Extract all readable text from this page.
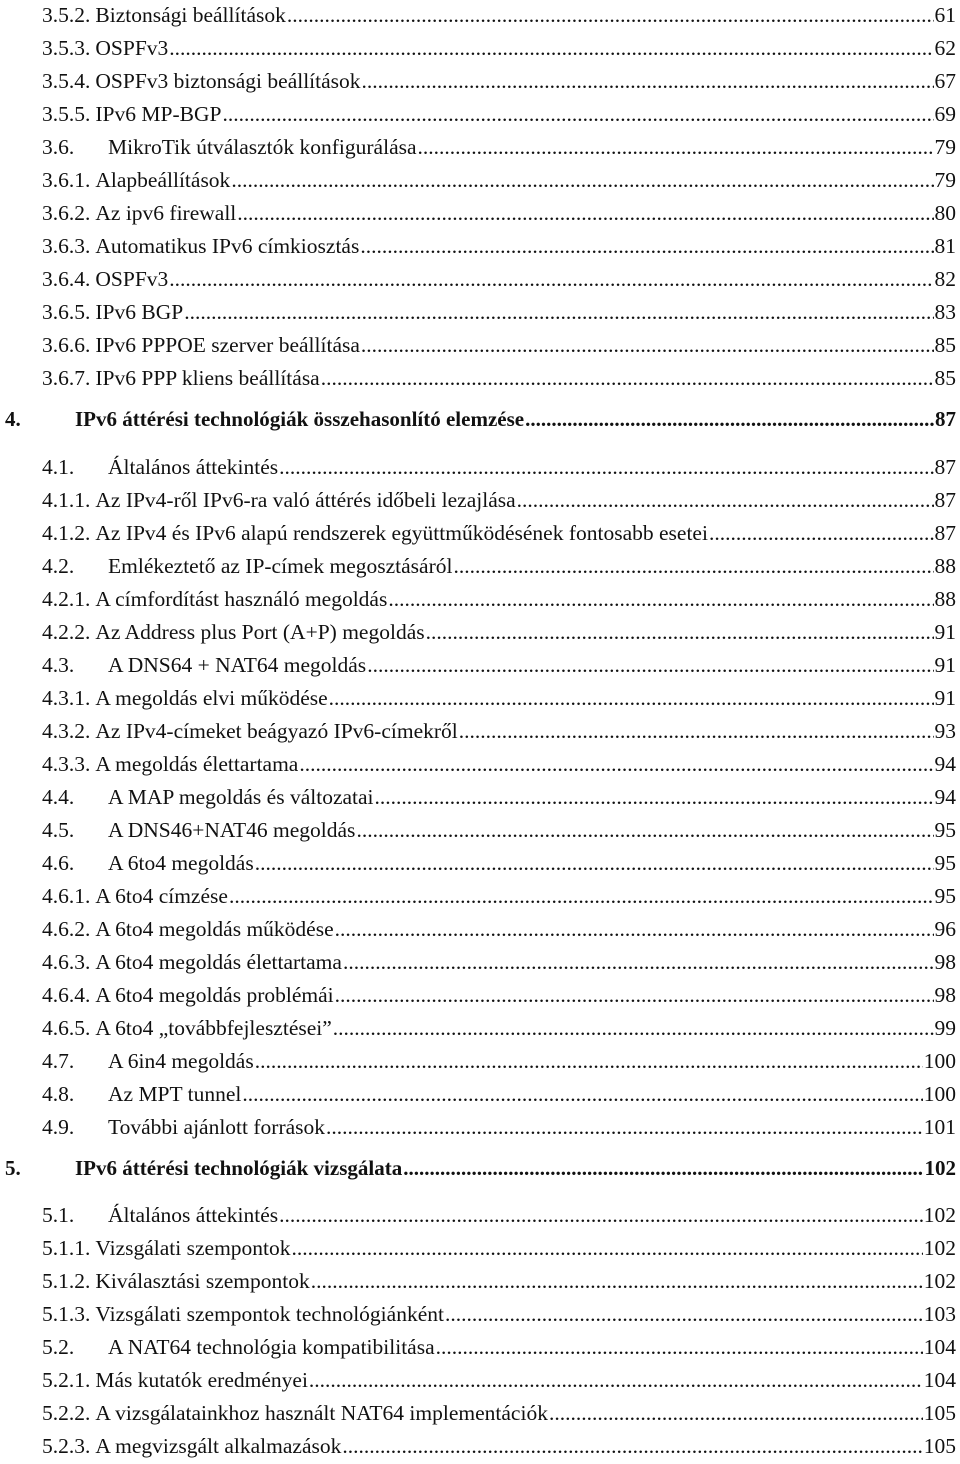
3.5.2. Biztonsági beállítások .....	61
3.5.3. OSPFv3 .....	62
3.5.4. OSPFv3 biztonsági beállítások .....	67
3.5.5. IPv6 MP-BGP .....	69
3.6.	MikroTik útválasztók konfigurálása .....	79
3.6.1. Alapbeállítások .....	79
3.6.2. Az ipv6 firewall .....	80
3.6.3. Automatikus IPv6 címkiosztás .....	81
3.6.4. OSPFv3 .....	82
3.6.5. IPv6 BGP .....	83
3.6.6. IPv6 PPPOE szerver beállítása .....	85
3.6.7. IPv6 PPP kliens beállítása .....	85
4.	IPv6 áttérési technológiák összehasonlító elemzése .....	87
4.1.	Általános áttekintés .....	87
4.1.1. Az IPv4-ről IPv6-ra való áttérés időbeli lezajlása .....	87
4.1.2. Az IPv4 és IPv6 alapú rendszerek együttműködésének fontosabb esetei .....	87
4.2.	Emlékeztető az IP-címek megosztásáról .....	88
4.2.1. A címfordítást használó megoldás .....	88
4.2.2. Az Address plus Port (A+P) megoldás .....	91
4.3.	A DNS64 + NAT64 megoldás .....	91
4.3.1. A megoldás elvi működése .....	91
4.3.2. Az IPv4-címeket beágyazó IPv6-címekről .....	93
4.3.3. A megoldás élettartama .....	94
4.4.	A MAP megoldás és változatai .....	94
4.5.	A DNS46+NAT46 megoldás .....	95
4.6.	A 6to4 megoldás .....	95
4.6.1. A 6to4 címzése .....	95
4.6.2. A 6to4 megoldás működése .....	96
4.6.3. A 6to4 megoldás élettartama .....	98
4.6.4. A 6to4 megoldás problémái .....	98
4.6.5. A 6to4 „továbbfejlesztései” .....	99
4.7.	A 6in4 megoldás .....	100
4.8.	Az MPT tunnel .....	100
4.9.	További ajánlott források .....	101
5.	IPv6 áttérési technológiák vizsgálata .....	102
5.1.	Általános áttekintés .....	102
5.1.1. Vizsgálati szempontok .....	102
5.1.2. Kiválasztási szempontok .....	102
5.1.3. Vizsgálati szempontok technológiánként .....	103
5.2.	A NAT64 technológia kompatibilitása .....	104
5.2.1. Más kutatók eredményei .....	104
5.2.2. A vizsgálatainkhoz használt NAT64 implementációk .....	105
5.2.3. A megvizsgált alkalmazások .....	105
